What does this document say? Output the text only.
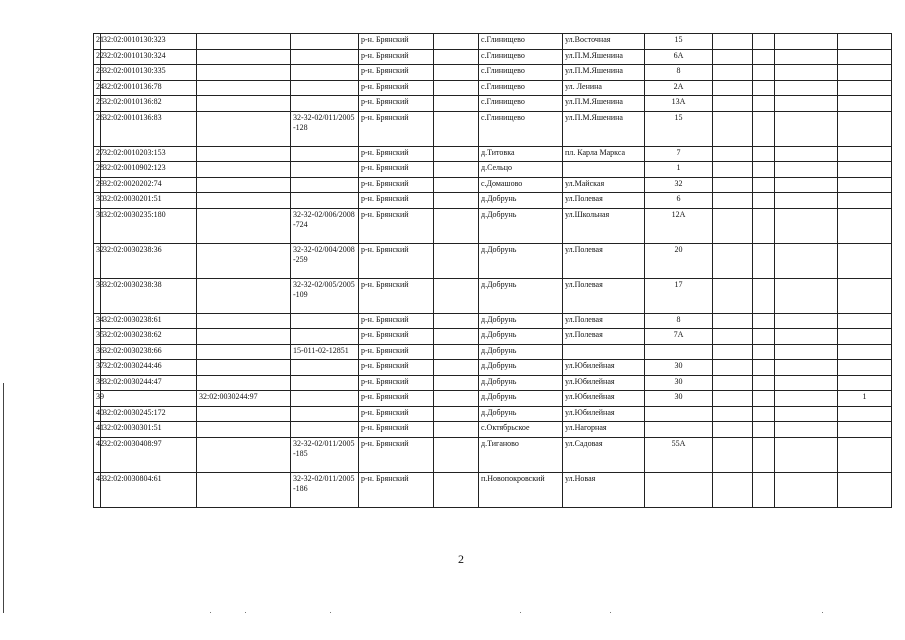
21	32:02:0010130:323			р-н. Брянский		с.Глинищево	ул.Восточная	15				
22	32:02:0010130:324			р-н. Брянский		с.Глинищево	ул.П.М.Яшенина	6А				
23	32:02:0010130:335			р-н. Брянский		с.Глинищево	ул.П.М.Яшенина	8				
24	32:02:0010136:78			р-н. Брянский		с.Глинищево	ул. Ленина	2А				
25	32:02:0010136:82			р-н. Брянский		с.Глинищево	ул.П.М.Яшенина	13А				
26	32:02:0010136:83		32-32-02/011/2005-128	р-н. Брянский		с.Глинищево	ул.П.М.Яшенина	15				
27	32:02:0010203:153			р-н. Брянский		д.Титовка	пл. Карла Маркса	7				
28	32:02:0010902:123			р-н. Брянский		д.Сельцо		1				
29	32:02:0020202:74			р-н. Брянский		с.Домашово	ул.Майская	32				
30	32:02:0030201:51			р-н. Брянский		д.Добрунь	ул.Полевая	6				
31	32:02:0030235:180		32-32-02/006/2008-724	р-н. Брянский		д.Добрунь	ул.Школьная	12А				
32	32:02:0030238:36		32-32-02/004/2008-259	р-н. Брянский		д.Добрунь	ул.Полевая	20				
33	32:02:0030238:38		32-32-02/005/2005-109	р-н. Брянский		д.Добрунь	ул.Полевая	17				
34	32:02:0030238:61			р-н. Брянский		д.Добрунь	ул.Полевая	8				
35	32:02:0030238:62			р-н. Брянский		д.Добрунь	ул.Полевая	7А				
36	32:02:0030238:66		15-011-02-12851	р-н. Брянский		д.Добрунь						
37	32:02:0030244:46			р-н. Брянский		д.Добрунь	ул.Юбилейная	30				
38	32:02:0030244:47			р-н. Брянский		д.Добрунь	ул.Юбилейная	30				
39		32:02:0030244:97		р-н. Брянский		д.Добрунь	ул.Юбилейная	30				1
40	32:02:0030245:172			р-н. Брянский		д.Добрунь	ул.Юбилейная					
41	32:02:0030301:51			р-н. Брянский		с.Октябрьское	ул.Нагорная					
42	32:02:0030408:97		32-32-02/011/2005-185	р-н. Брянский		д.Тиганово	ул.Садовая	55А				
43	32:02:0030804:61		32-32-02/011/2005-186	р-н. Брянский		п.Новопокровский	ул.Новая					
2
